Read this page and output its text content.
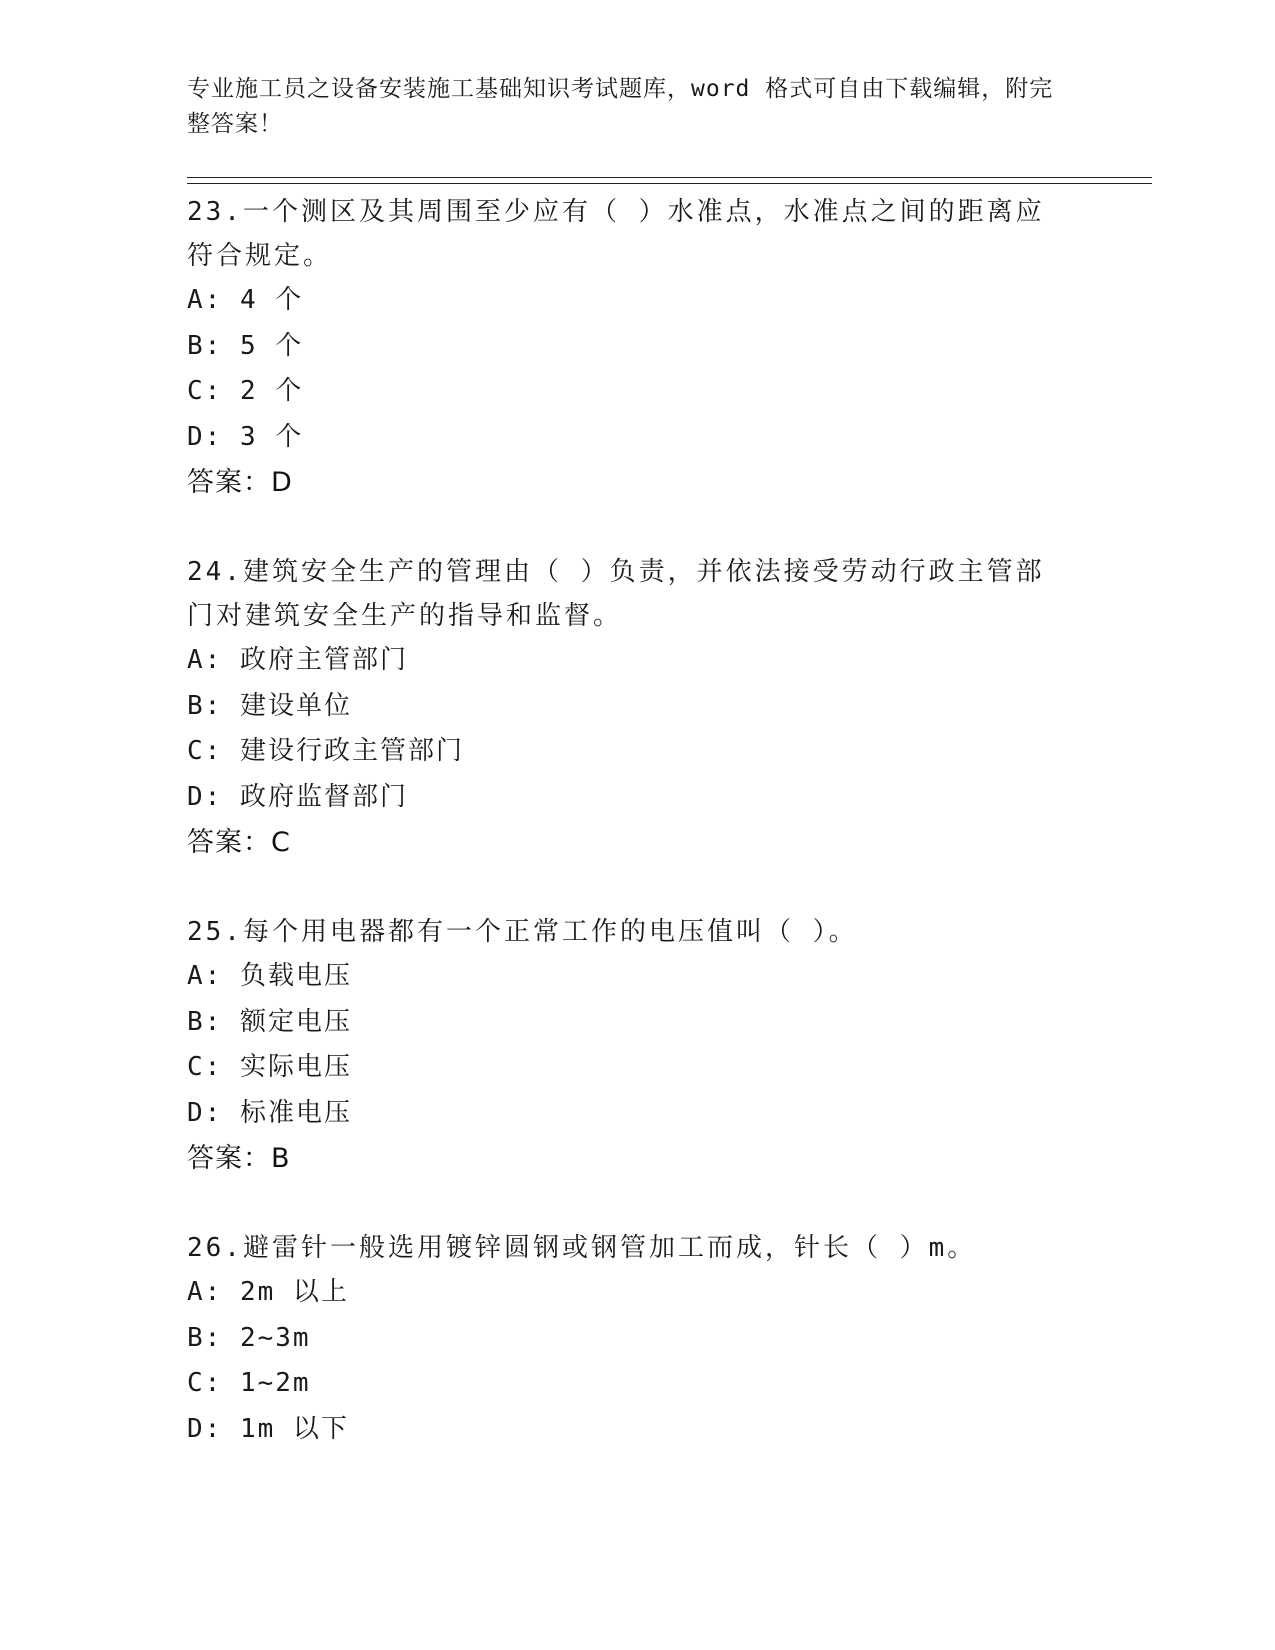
专业施工员之设备安装施工基础知识考试题库，word 格式可自由下载编辑，附完整答案！
23.一个测区及其周围至少应有（ ）水准点，水准点之间的距离应符合规定。
A: 4 个
B: 5 个
C: 2 个
D: 3 个
答案：D
24.建筑安全生产的管理由（ ）负责，并依法接受劳动行政主管部门对建筑安全生产的指导和监督。
A: 政府主管部门
B: 建设单位
C: 建设行政主管部门
D: 政府监督部门
答案：C
25.每个用电器都有一个正常工作的电压值叫（ ）。
A: 负载电压
B: 额定电压
C: 实际电压
D: 标准电压
答案：B
26.避雷针一般选用镀锌圆钢或钢管加工而成，针长（ ）m。
A: 2m 以上
B: 2~3m
C: 1~2m
D: 1m 以下
